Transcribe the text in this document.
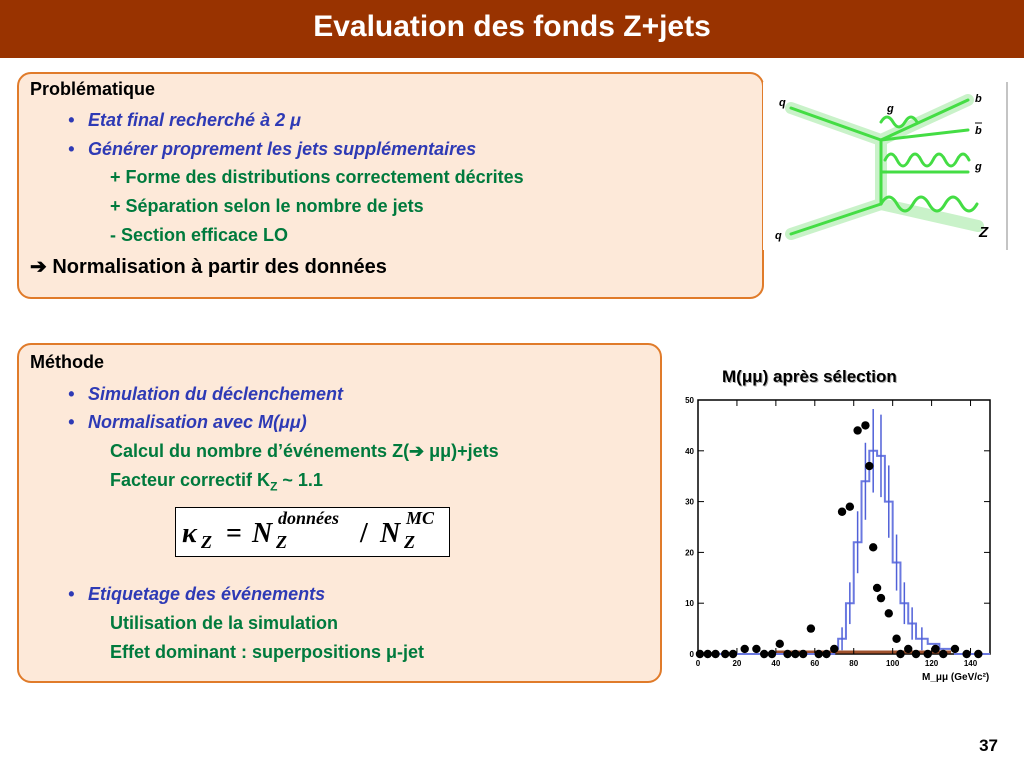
Evaluation des fonds Z+jets
Problématique
• Etat final recherché à 2 μ
• Générer proprement les jets supplémentaires
+ Forme des distributions correctement décrites
+ Séparation selon le nombre de jets
- Section efficace LO
➔ Normalisation à partir des données
q	g
b
b
g
q	Z
Méthode
• Simulation du déclenchement
• Normalisation avec M(μμ)
Calcul du nombre d’événements Z(➔ μμ)+jets
Facteur correctif $K_Z$ ~ 1.1
κ Z = N données
Z	/ N MC
Z
• Etiquetage des événements
Utilisation de la simulation
Effet dominant : superpositions μ-jet
M(μμ) après sélection
0	20	40	60	80	100	120	140
0
10
20
30
40
50
M_μμ (GeV/c²)
37
